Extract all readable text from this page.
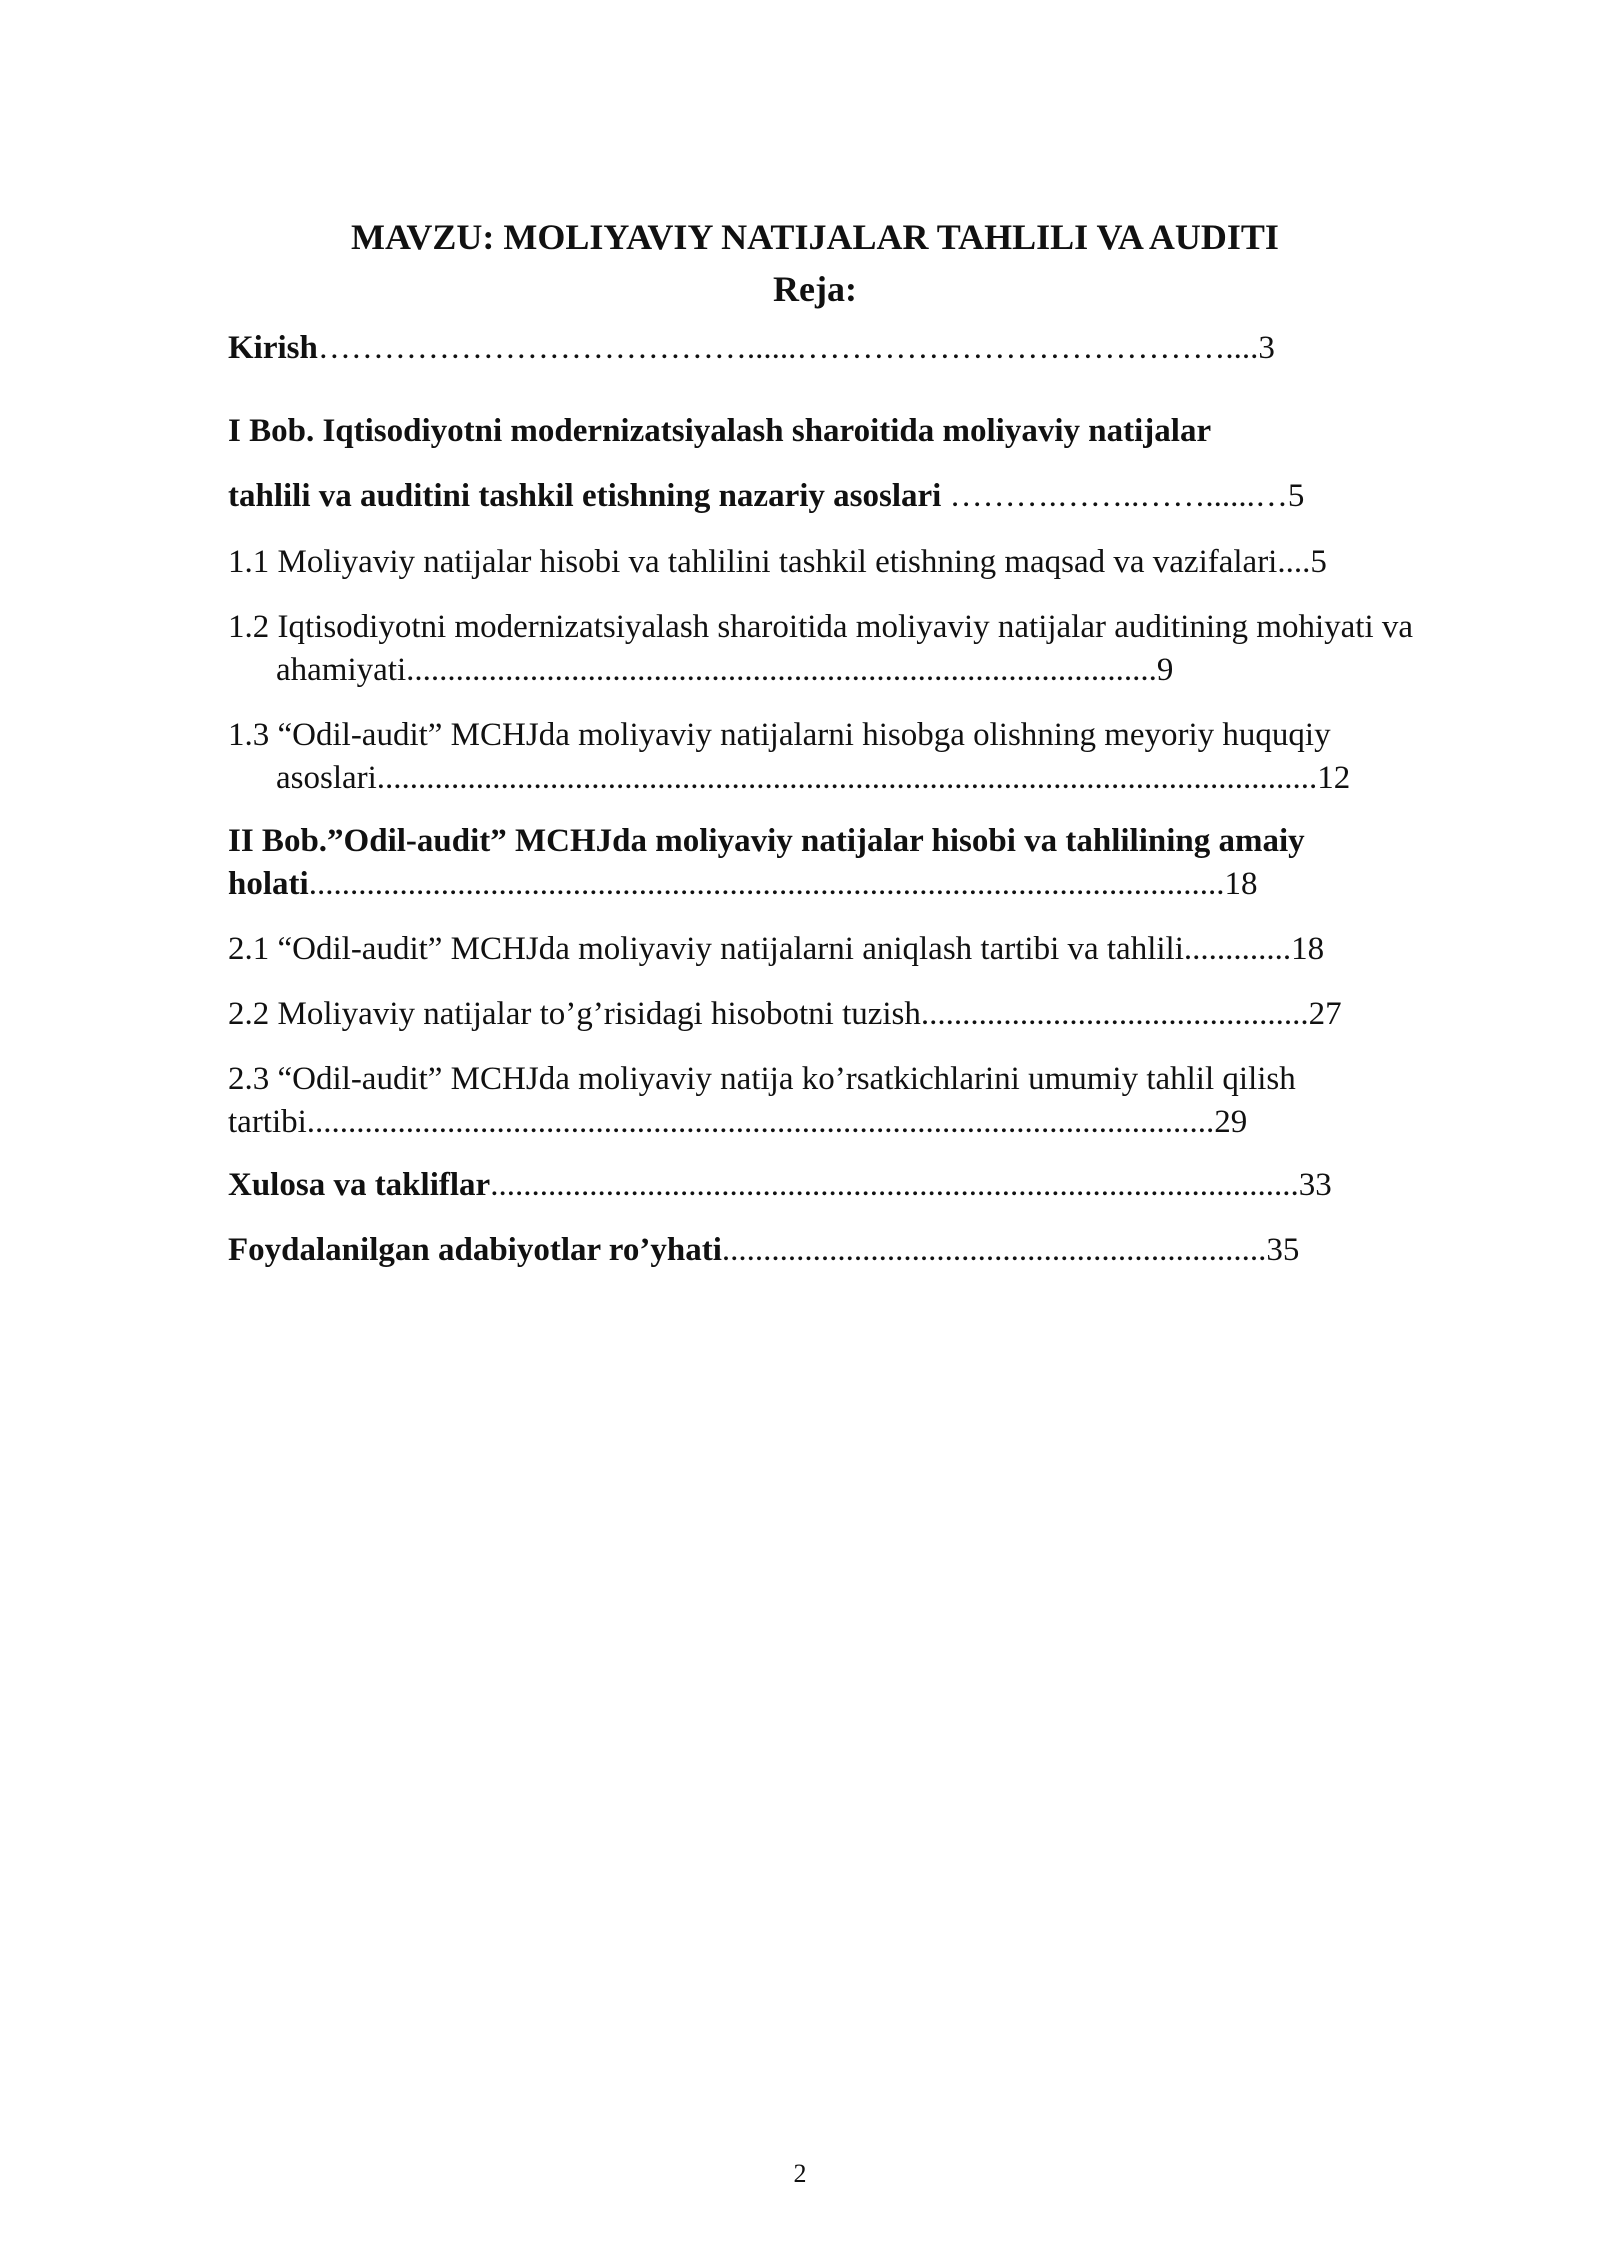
MAVZU: MOLIYAVIY NATIJALAR TAHLILI VA AUDITI
Reja:

Kirish…………………………………......…………………………………....3

I Bob. Iqtisodiyotni modernizatsiyalash sharoitida moliyaviy natijalar
tahlili va auditini tashkil etishning nazariy asoslari ……….……..……......…5

1.1 Moliyaviy natijalar hisobi va tahlilini tashkil etishning maqsad va vazifalari....5

1.2 Iqtisodiyotni modernizatsiyalash sharoitida moliyaviy natijalar auditining mohiyati va ahamiyati...........................................................................................9

1.3 “Odil-audit” MCHJda moliyaviy natijalarni hisobga olishning meyoriy huquqiy asoslari..................................................................................................................12

II Bob.”Odil-audit” MCHJda moliyaviy natijalar hisobi va tahlilining amaiy holati...............................................................................................................18

2.1 “Odil-audit” MCHJda moliyaviy natijalarni aniqlash tartibi va tahlili.............18

2.2 Moliyaviy natijalar to’g’risidagi hisobotni tuzish...............................................27

2.3 “Odil-audit” MCHJda moliyaviy natija ko’rsatkichlarini umumiy tahlil qilish tartibi..............................................................................................................29

Xulosa va takliflar..................................................................................................33

Foydalanilgan adabiyotlar ro’yhati..................................................................35

2
